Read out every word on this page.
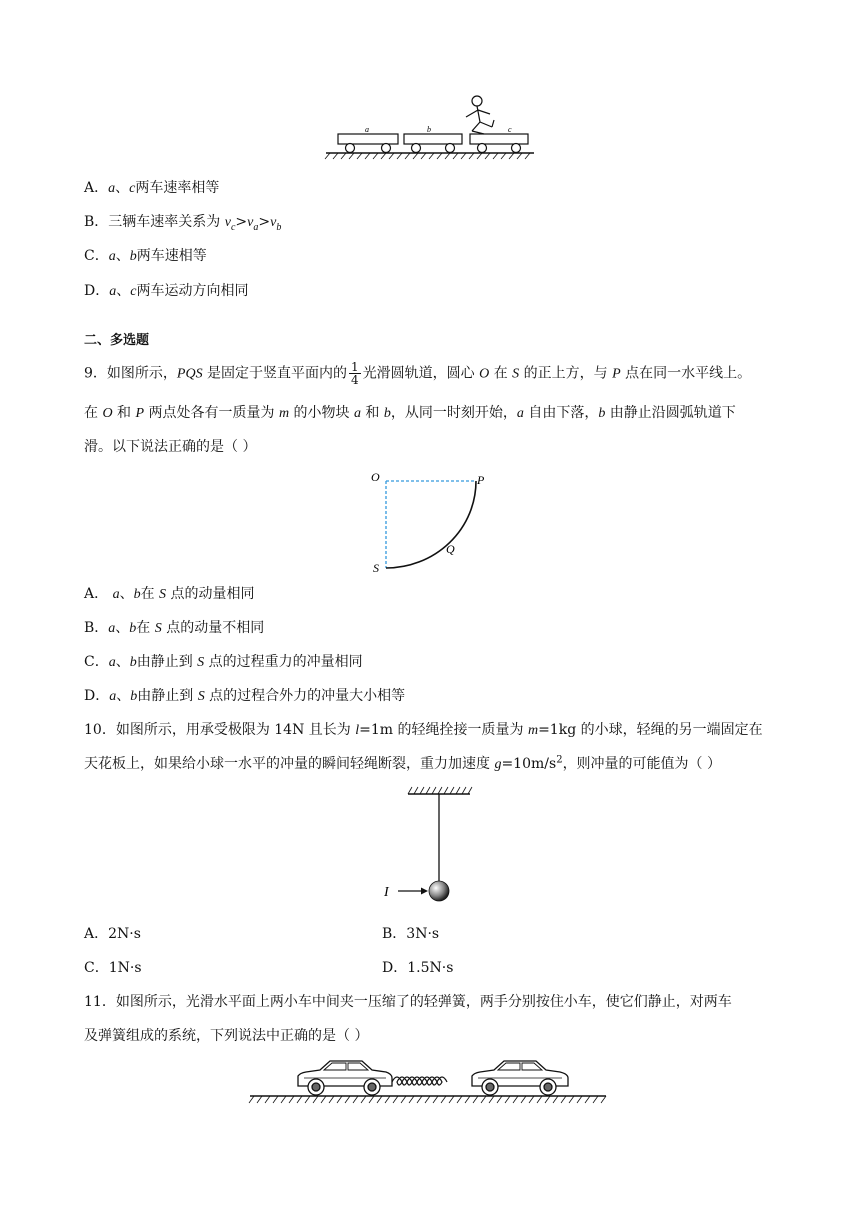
a	b	c
A．a、c两车速率相等
B．三辆车速率关系为 $v_c>v_a>v_b$
C．a、b两车速相等
D．a、c两车运动方向相同
二、多选题
9．如图所示，PQS 是固定于竖直平面内的 $\frac{1}{4}$ 光滑圆轨道，圆心 O 在 S 的正上方，与 P 点在同一水平线上。
在 O 和 P 两点处各有一质量为 m 的小物块 a 和 b，从同一时刻开始，a 自由下落，b 由静止沿圆弧轨道下
滑。以下说法正确的是（ ）
O	P
Q
S
A． a、b在 S 点的动量相同
B．a、b在 S 点的动量不相同
C．a、b由静止到 S 点的过程重力的冲量相同
D．a、b由静止到 S 点的过程合外力的冲量大小相等
10．如图所示，用承受极限为 14N 且长为 l=1m 的轻绳拴接一质量为 m=1kg 的小球，轻绳的另一端固定在
天花板上，如果给小球一水平的冲量的瞬间轻绳断裂，重力加速度 $g=10m/s^2$，则冲量的可能值为（ ）
I
A．2N·s	B．3N·s
C．1N·s	D．1.5N·s
11．如图所示，光滑水平面上两小车中间夹一压缩了的轻弹簧，两手分别按住小车，使它们静止，对两车
及弹簧组成的系统，下列说法中正确的是（ ）
